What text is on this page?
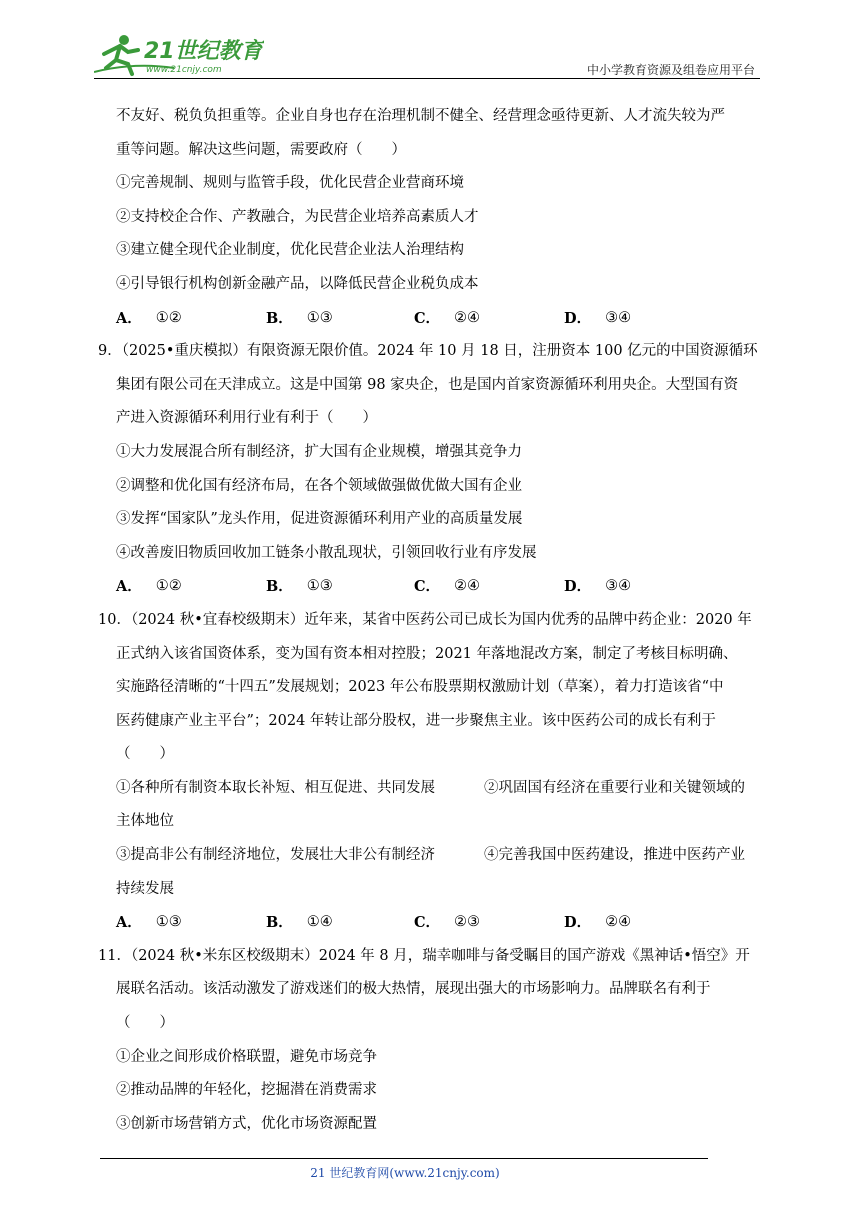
21世纪教育
www.21cnjy.com	中小学教育资源及组卷应用平台
不友好、税负负担重等。企业自身也存在治理机制不健全、经营理念亟待更新、人才流失较为严
重等问题。解决这些问题，需要政府（　　）
①完善规制、规则与监管手段，优化民营企业营商环境
②支持校企合作、产教融合，为民营企业培养高素质人才
③建立健全现代企业制度，优化民营企业法人治理结构
④引导银行机构创新金融产品，以降低民营企业税负成本
A． ①②	B． ①③	C． ②④	D． ③④
9．（2025•重庆模拟）有限资源无限价值。2024 年 10 月 18 日，注册资本 100 亿元的中国资源循环
集团有限公司在天津成立。这是中国第 98 家央企，也是国内首家资源循环利用央企。大型国有资
产进入资源循环利用行业有利于（　　）
①大力发展混合所有制经济，扩大国有企业规模，增强其竞争力
②调整和优化国有经济布局，在各个领域做强做优做大国有企业
③发挥“国家队”龙头作用，促进资源循环利用产业的高质量发展
④改善废旧物质回收加工链条小散乱现状，引领回收行业有序发展
A． ①②	B． ①③	C． ②④	D． ③④
10．（2024 秋•宜春校级期末）近年来，某省中医药公司已成长为国内优秀的品牌中药企业：2020 年
正式纳入该省国资体系，变为国有资本相对控股；2021 年落地混改方案，制定了考核目标明确、
实施路径清晰的“十四五”发展规划；2023 年公布股票期权激励计划（草案），着力打造该省“中
医药健康产业主平台”；2024 年转让部分股权，进一步聚焦主业。该中医药公司的成长有利于
（　　）
①各种所有制资本取长补短、相互促进、共同发展	②巩固国有经济在重要行业和关键领域的
主体地位
③提高非公有制经济地位，发展壮大非公有制经济	④完善我国中医药建设，推进中医药产业
持续发展
A． ①③	B． ①④	C． ②③	D． ②④
11．（2024 秋•米东区校级期末）2024 年 8 月，瑞幸咖啡与备受瞩目的国产游戏《黑神话•悟空》开
展联名活动。该活动激发了游戏迷们的极大热情，展现出强大的市场影响力。品牌联名有利于
（　　）
①企业之间形成价格联盟，避免市场竞争
②推动品牌的年轻化，挖掘潜在消费需求
③创新市场营销方式，优化市场资源配置
21 世纪教育网(www.21cnjy.com)
